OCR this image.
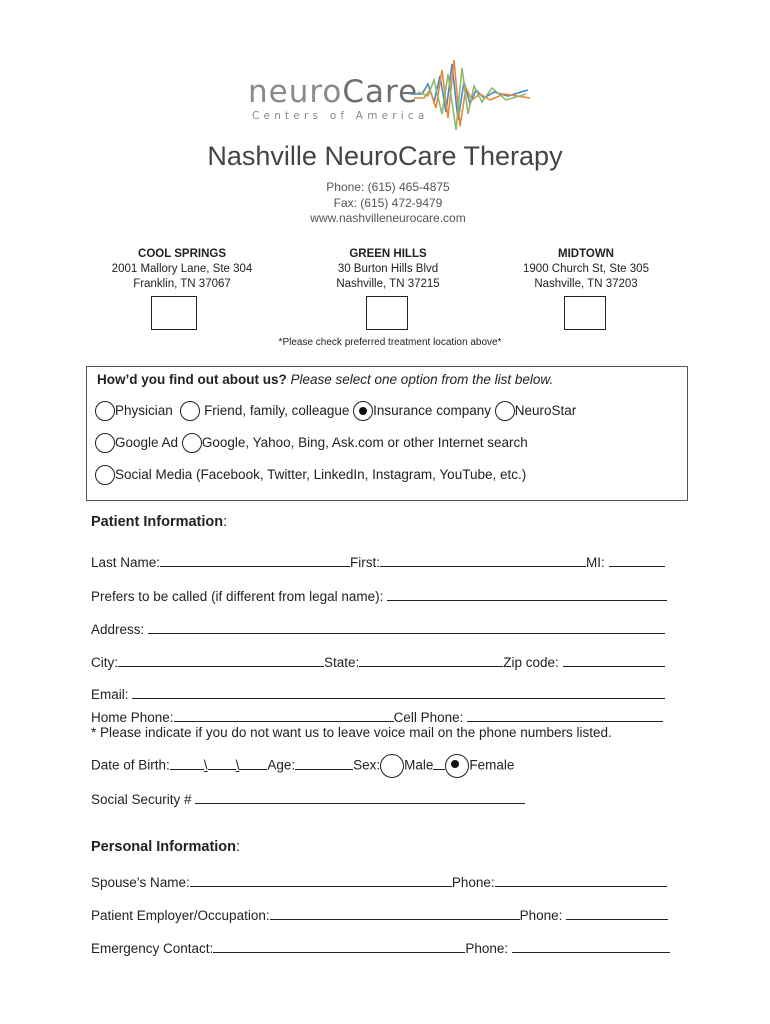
neuroCare
Centers of America
Nashville NeuroCare Therapy
Phone: (615) 465-4875
Fax: (615) 472-9479
www.nashvilleneurocare.com
COOL SPRINGS
2001 Mallory Lane, Ste 304
Franklin, TN 37067
GREEN HILLS
30 Burton Hills Blvd
Nashville, TN 37215
MIDTOWN
1900 Church St, Ste 305
Nashville, TN 37203
*Please check preferred treatment location above*
How’d you find out about us? Please select one option from the list below.
Physician Friend, family, colleague Insurance company NeuroStar
Google Ad Google, Yahoo, Bing, Ask.com or other Internet search
Social Media (Facebook, Twitter, LinkedIn, Instagram, YouTube, etc.)
Patient Information:
Last Name:	First:	MI:
Prefers to be called (if different from legal name):
Address:
City:	State:	Zip code:
Email:
Home Phone:	Cell Phone:
* Please indicate if you do not want us to leave voice mail on the phone numbers listed.
Date of Birth:	\ \ Age:	Sex: Male	Female
Social Security #
Personal Information:
Spouse’s Name:	Phone:
Patient Employer/Occupation:	Phone:
Emergency Contact:	Phone:
